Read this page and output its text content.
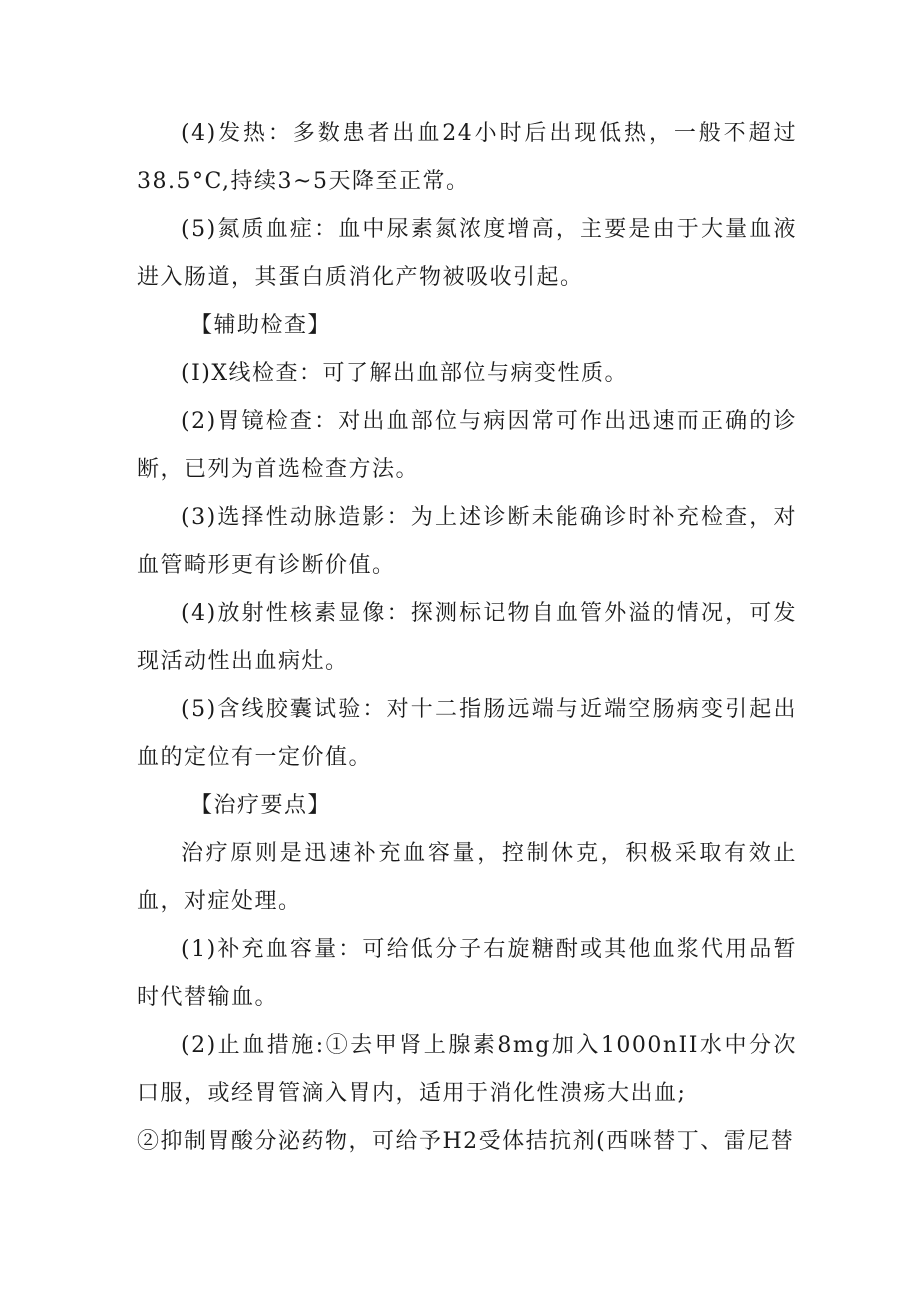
(4)发热：多数患者出血24小时后出现低热，一般不超过38.5°C,持续3~5天降至正常。

(5)氮质血症：血中尿素氮浓度增高，主要是由于大量血液进入肠道，其蛋白质消化产物被吸收引起。

【辅助检查】

(I)X线检查：可了解出血部位与病变性质。

(2)胃镜检查：对出血部位与病因常可作出迅速而正确的诊断，已列为首选检查方法。

(3)选择性动脉造影：为上述诊断未能确诊时补充检查，对血管畸形更有诊断价值。

(4)放射性核素显像：探测标记物自血管外溢的情况，可发现活动性出血病灶。

(5)含线胶囊试验：对十二指肠远端与近端空肠病变引起出血的定位有一定价值。

【治疗要点】

治疗原则是迅速补充血容量，控制休克，积极采取有效止血，对症处理。

(1)补充血容量：可给低分子右旋糖酎或其他血浆代用品暂时代替输血。

(2)止血措施:①去甲肾上腺素8mg加入1000nII水中分次口服，或经胃管滴入胃内，适用于消化性溃疡大出血;

②抑制胃酸分泌药物，可给予H2受体拮抗剂(西咪替丁、雷尼替
